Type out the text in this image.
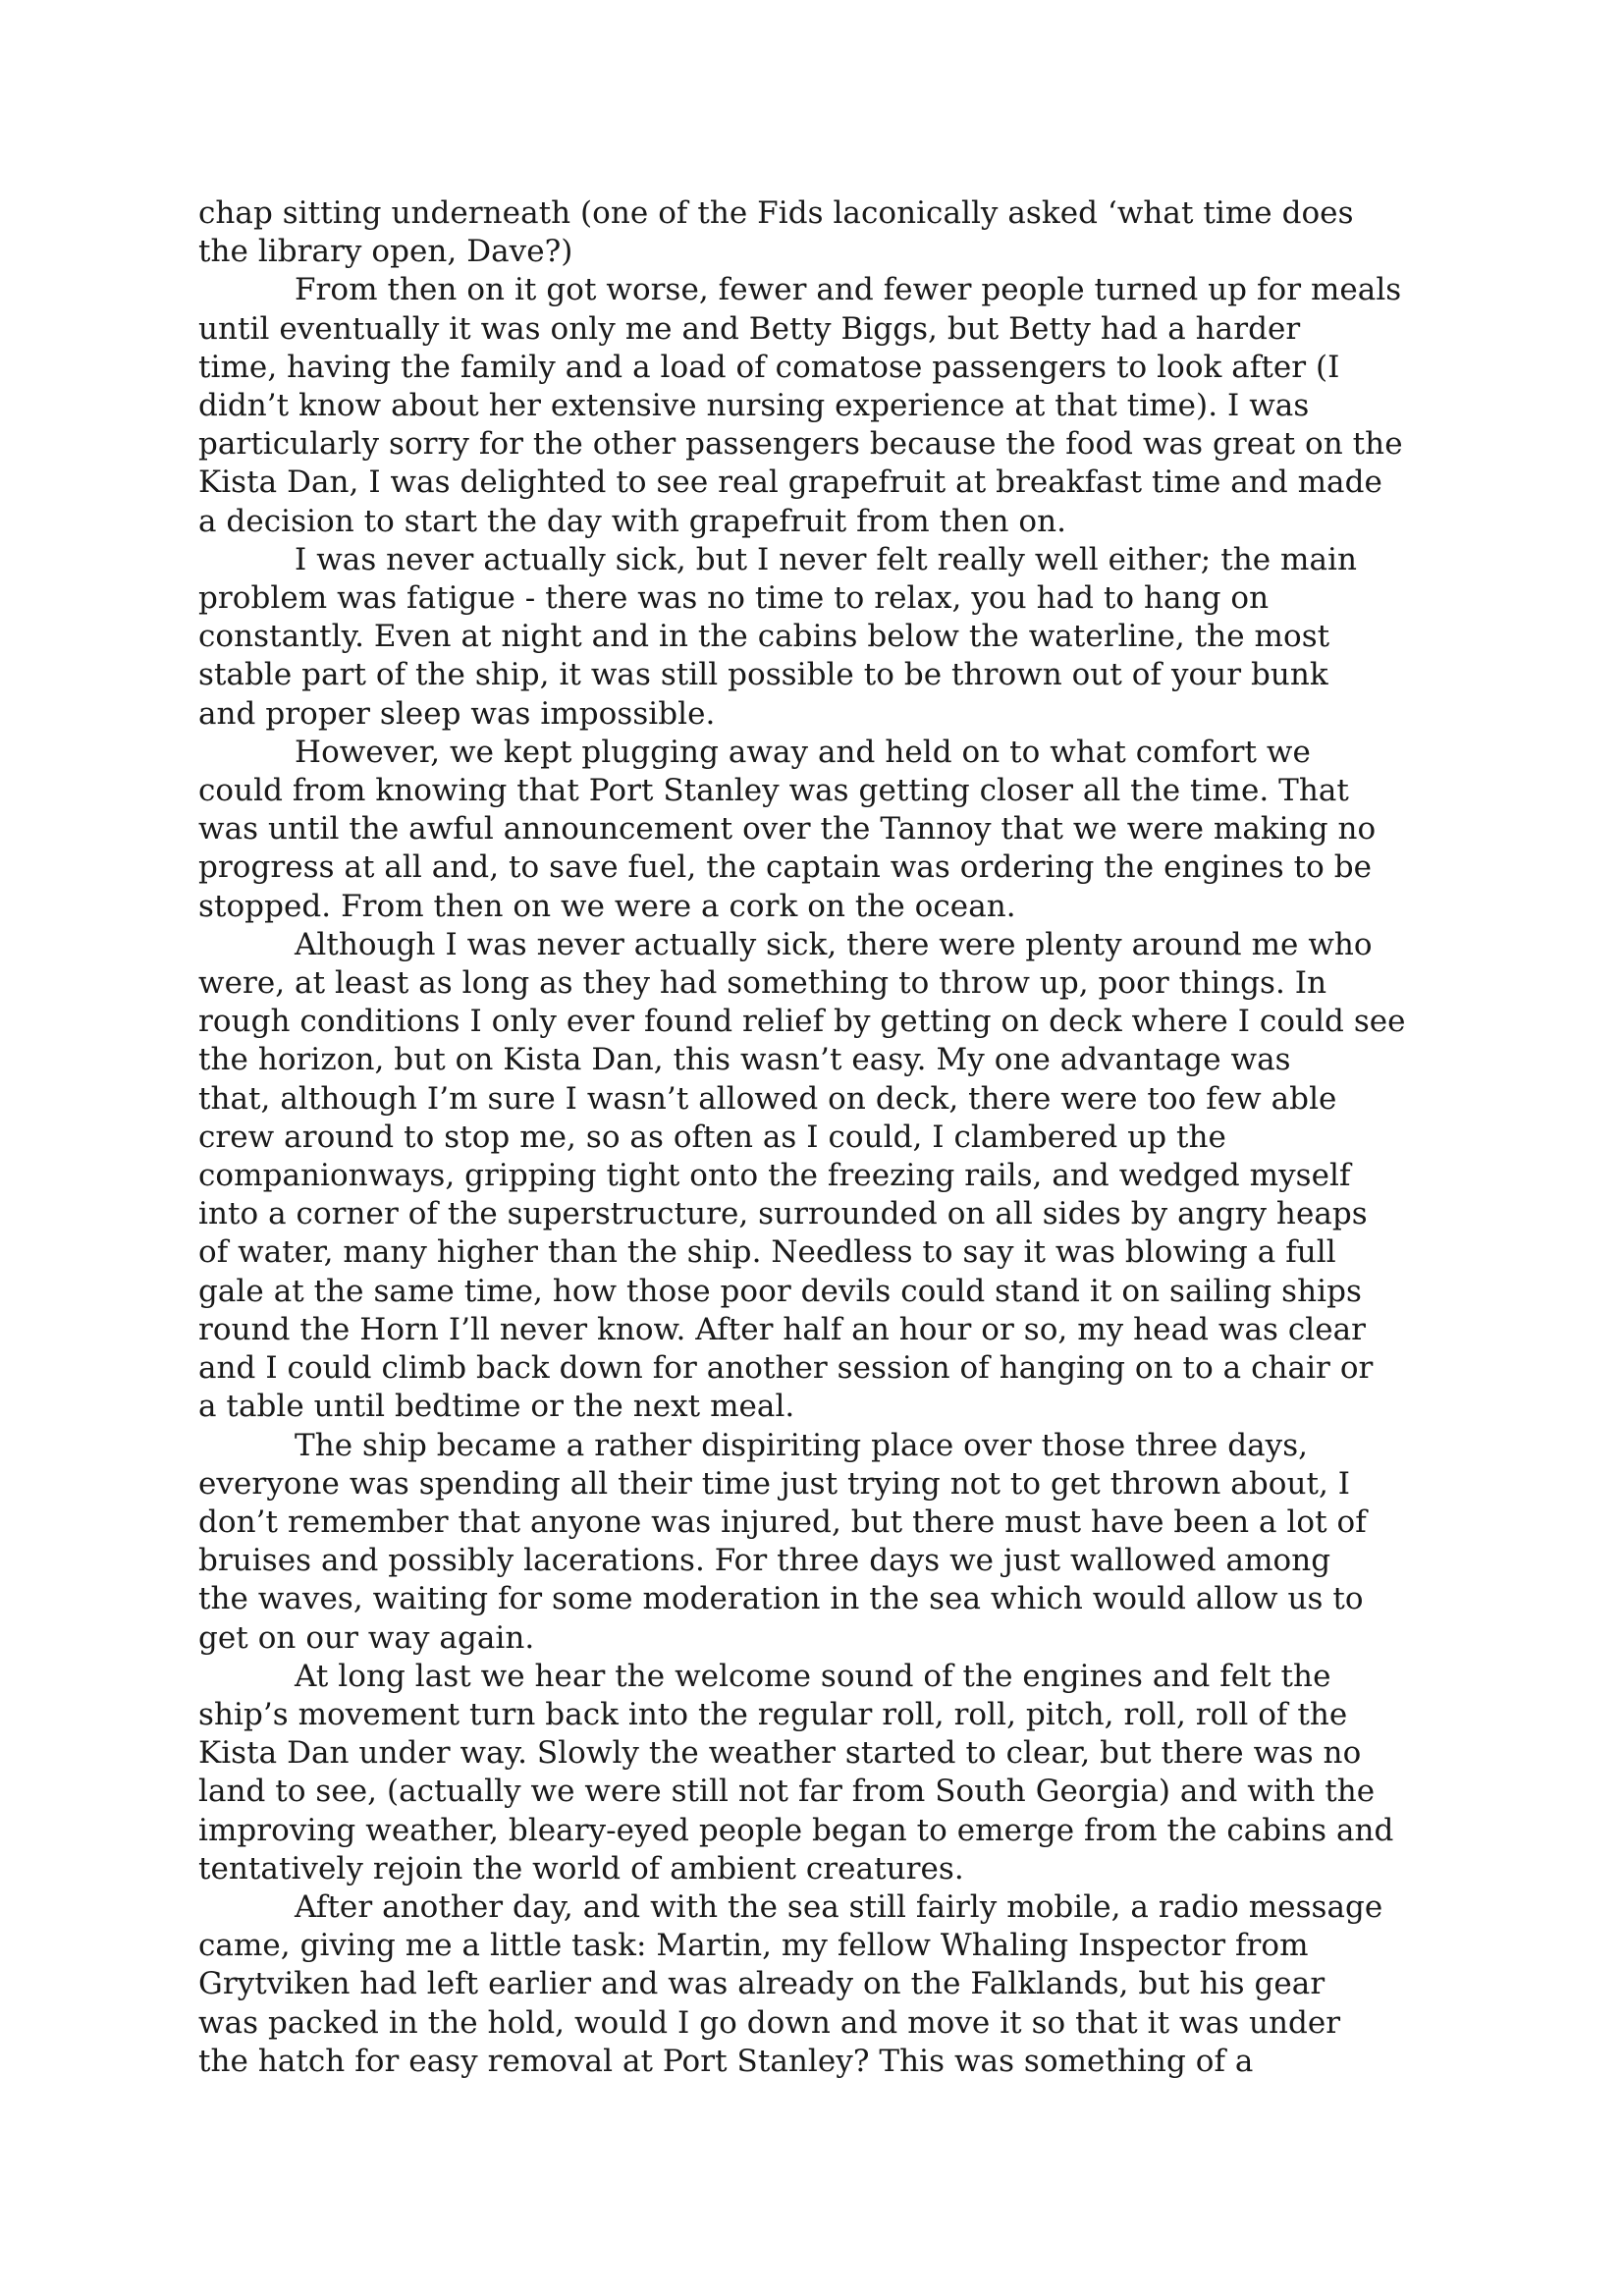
chap sitting underneath (one of the Fids laconically asked ‘what time does
the library open, Dave?)

From then on it got worse, fewer and fewer people turned up for meals
until eventually it was only me and Betty Biggs, but Betty had a harder
time, having the family and a load of comatose passengers to look after (I
didn’t know about her extensive nursing experience at that time). I was
particularly sorry for the other passengers because the food was great on the
Kista Dan, I was delighted to see real grapefruit at breakfast time and made
a decision to start the day with grapefruit from then on.

I was never actually sick, but I never felt really well either; the main
problem was fatigue - there was no time to relax, you had to hang on
constantly. Even at night and in the cabins below the waterline, the most
stable part of the ship, it was still possible to be thrown out of your bunk
and proper sleep was impossible.

However, we kept plugging away and held on to what comfort we
could from knowing that Port Stanley was getting closer all the time. That
was until the awful announcement over the Tannoy that we were making no
progress at all and, to save fuel, the captain was ordering the engines to be
stopped. From then on we were a cork on the ocean.

Although I was never actually sick, there were plenty around me who
were, at least as long as they had something to throw up, poor things. In
rough conditions I only ever found relief by getting on deck where I could see
the horizon, but on Kista Dan, this wasn’t easy. My one advantage was
that, although I’m sure I wasn’t allowed on deck, there were too few able
crew around to stop me, so as often as I could, I clambered up the
companionways, gripping tight onto the freezing rails, and wedged myself
into a corner of the superstructure, surrounded on all sides by angry heaps
of water, many higher than the ship. Needless to say it was blowing a full
gale at the same time, how those poor devils could stand it on sailing ships
round the Horn I’ll never know. After half an hour or so, my head was clear
and I could climb back down for another session of hanging on to a chair or
a table until bedtime or the next meal.

The ship became a rather dispiriting place over those three days,
everyone was spending all their time just trying not to get thrown about, I
don’t remember that anyone was injured, but there must have been a lot of
bruises and possibly lacerations. For three days we just wallowed among
the waves, waiting for some moderation in the sea which would allow us to
get on our way again.

At long last we hear the welcome sound of the engines and felt the
ship’s movement turn back into the regular roll, roll, pitch, roll, roll of the
Kista Dan under way. Slowly the weather started to clear, but there was no
land to see, (actually we were still not far from South Georgia) and with the
improving weather, bleary-eyed people began to emerge from the cabins and
tentatively rejoin the world of ambient creatures.

After another day, and with the sea still fairly mobile, a radio message
came, giving me a little task: Martin, my fellow Whaling Inspector from
Grytviken had left earlier and was already on the Falklands, but his gear
was packed in the hold, would I go down and move it so that it was under
the hatch for easy removal at Port Stanley? This was something of a
